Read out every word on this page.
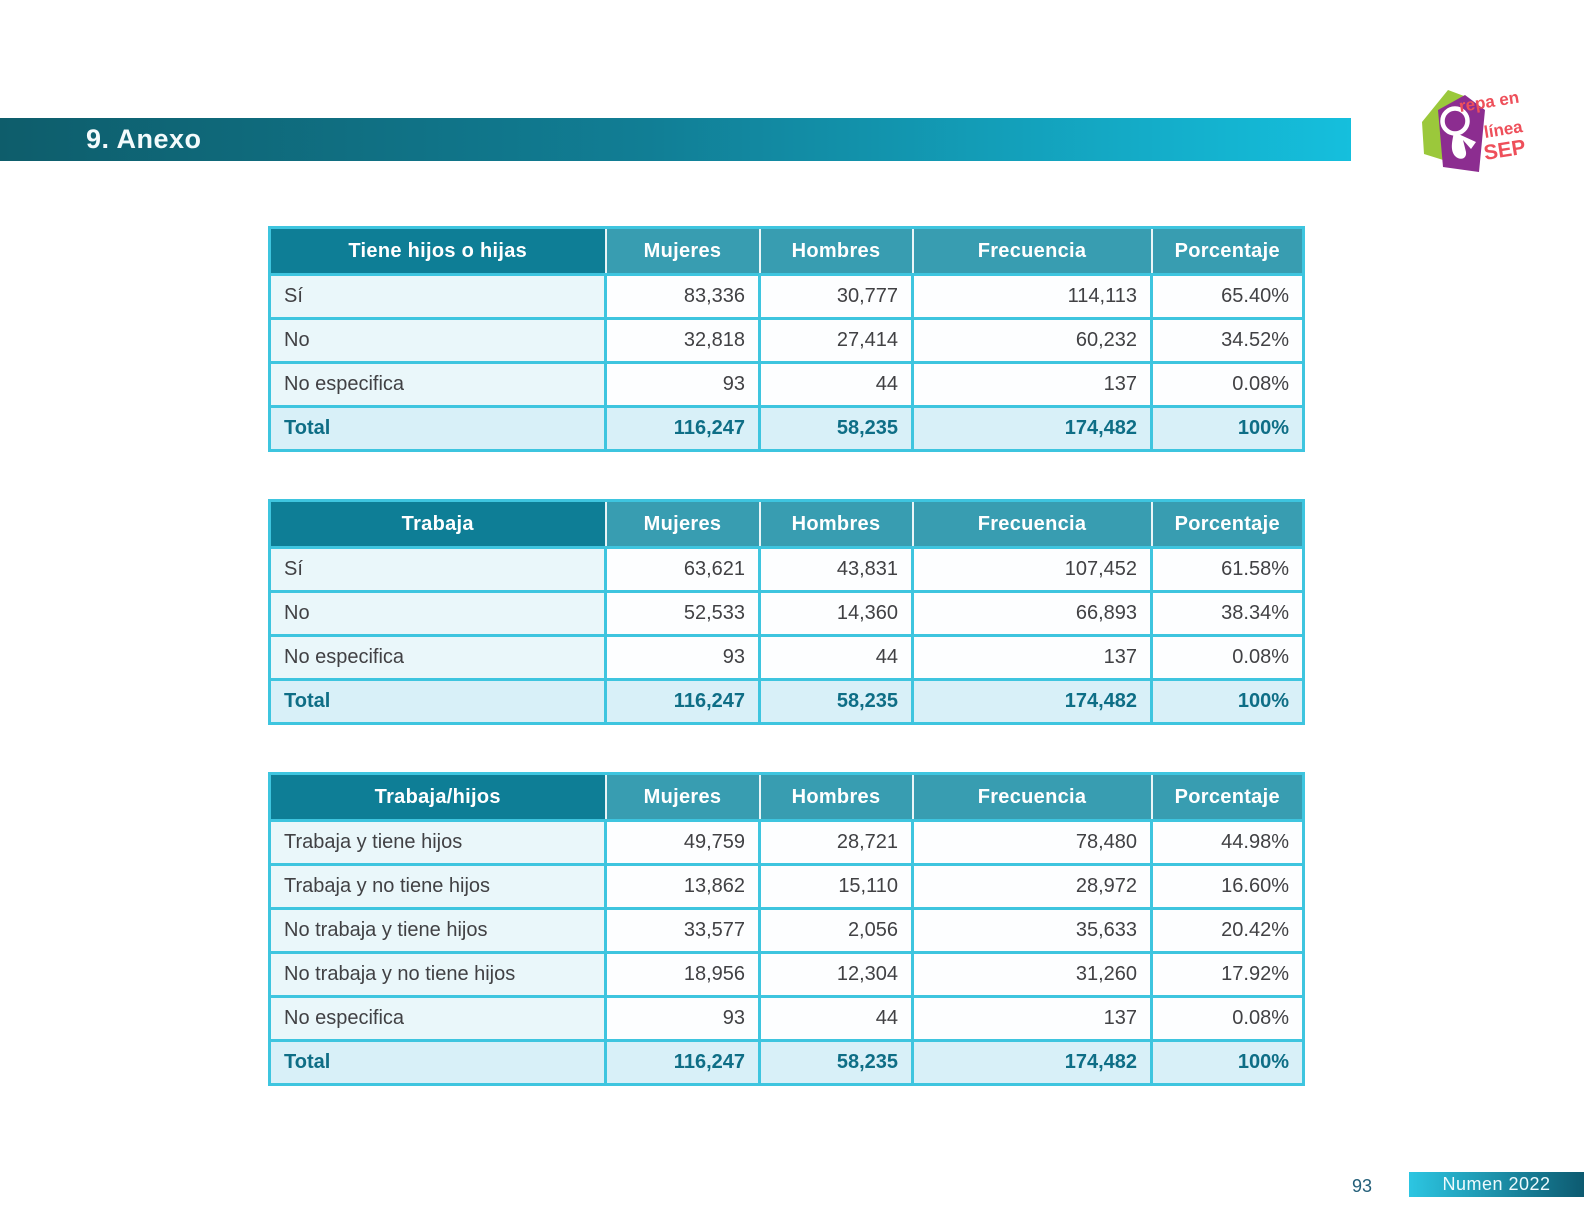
9. Anexo
repa en
línea
SEP
Tiene hijos o hijas	Mujeres	Hombres	Frecuencia	Porcentaje
Sí	83,336	30,777	114,113	65.40%
No	32,818	27,414	60,232	34.52%
No especifica	93	44	137	0.08%
Total	116,247	58,235	174,482	100%
Trabaja	Mujeres	Hombres	Frecuencia	Porcentaje
Sí	63,621	43,831	107,452	61.58%
No	52,533	14,360	66,893	38.34%
No especifica	93	44	137	0.08%
Total	116,247	58,235	174,482	100%
Trabaja/hijos	Mujeres	Hombres	Frecuencia	Porcentaje
Trabaja y tiene hijos	49,759	28,721	78,480	44.98%
Trabaja y no tiene hijos	13,862	15,110	28,972	16.60%
No trabaja y tiene hijos	33,577	2,056	35,633	20.42%
No trabaja y no tiene hijos	18,956	12,304	31,260	17.92%
No especifica	93	44	137	0.08%
Total	116,247	58,235	174,482	100%
93	Numen 2022
